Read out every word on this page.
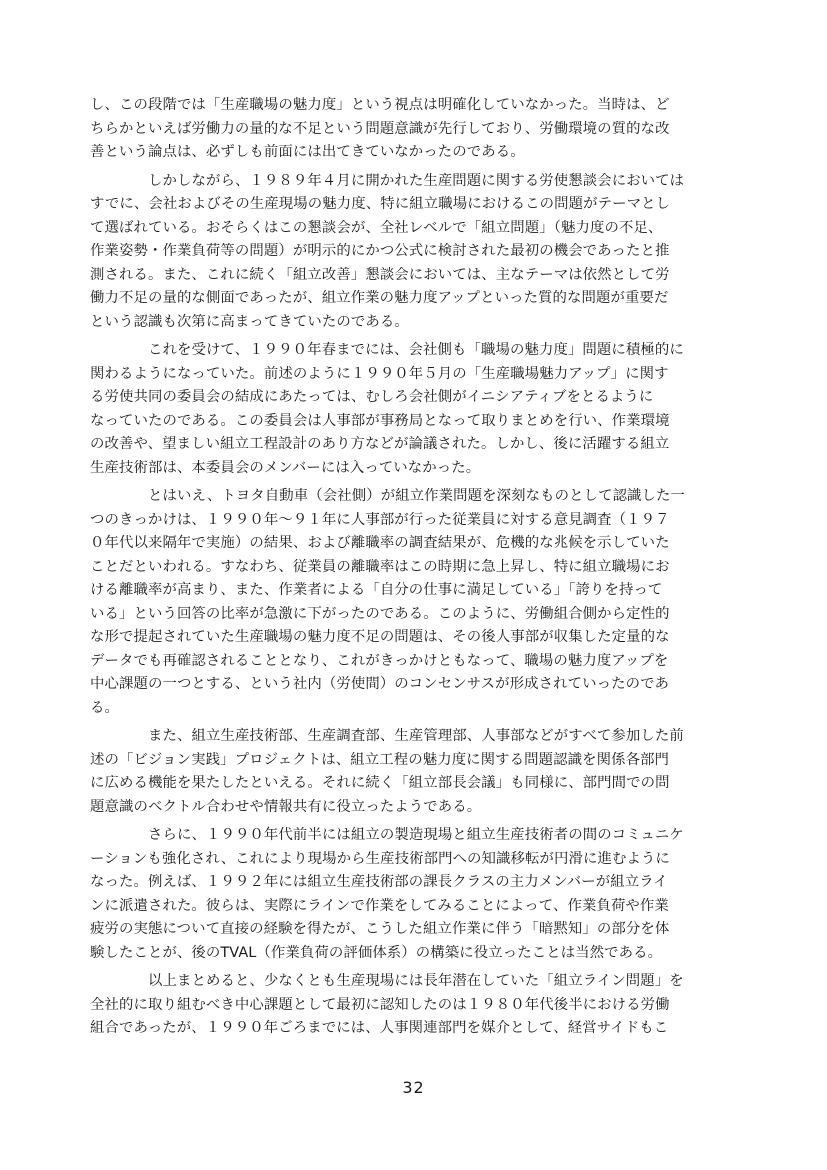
し、この段階では「生産職場の魅力度」という視点は明確化していなかった。当時は、ど
ちらかといえば労働力の量的な不足という問題意識が先行しており、労働環境の質的な改
善という論点は、必ずしも前面には出てきていなかったのである。

しかしながら、１９８９年４月に開かれた生産問題に関する労使懇談会においては
すでに、会社およびその生産現場の魅力度、特に組立職場におけるこの問題がテーマとし
て選ばれている。おそらくはこの懇談会が、全社レベルで「組立問題」（魅力度の不足、
作業姿勢・作業負荷等の問題）が明示的にかつ公式に検討された最初の機会であったと推
測される。また、これに続く「組立改善」懇談会においては、主なテーマは依然として労
働力不足の量的な側面であったが、組立作業の魅力度アップといった質的な問題が重要だ
という認識も次第に高まってきていたのである。

これを受けて、１９９０年春までには、会社側も「職場の魅力度」問題に積極的に
関わるようになっていた。前述のように１９９０年５月の「生産職場魅力アップ」に関す
る労使共同の委員会の結成にあたっては、むしろ会社側がイニシアティブをとるように
なっていたのである。この委員会は人事部が事務局となって取りまとめを行い、作業環境
の改善や、望ましい組立工程設計のあり方などが論議された。しかし、後に活躍する組立
生産技術部は、本委員会のメンバーには入っていなかった。

とはいえ、トヨタ自動車（会社側）が組立作業問題を深刻なものとして認識した一
つのきっかけは、１９９０年～９１年に人事部が行った従業員に対する意見調査（１９７
０年代以来隔年で実施）の結果、および離職率の調査結果が、危機的な兆候を示していた
ことだといわれる。すなわち、従業員の離職率はこの時期に急上昇し、特に組立職場にお
ける離職率が高まり、また、作業者による「自分の仕事に満足している」「誇りを持って
いる」という回答の比率が急激に下がったのである。このように、労働組合側から定性的
な形で提起されていた生産職場の魅力度不足の問題は、その後人事部が収集した定量的な
データでも再確認されることとなり、これがきっかけともなって、職場の魅力度アップを
中心課題の一つとする、という社内（労使間）のコンセンサスが形成されていったのであ
る。

また、組立生産技術部、生産調査部、生産管理部、人事部などがすべて参加した前
述の「ビジョン実践」プロジェクトは、組立工程の魅力度に関する問題認識を関係各部門
に広める機能を果たしたといえる。それに続く「組立部長会議」も同様に、部門間での問
題意識のベクトル合わせや情報共有に役立ったようである。

さらに、１９９０年代前半には組立の製造現場と組立生産技術者の間のコミュニケ
ーションも強化され、これにより現場から生産技術部門への知識移転が円滑に進むように
なった。例えば、１９９２年には組立生産技術部の課長クラスの主力メンバーが組立ライ
ンに派遣された。彼らは、実際にラインで作業をしてみることによって、作業負荷や作業
疲労の実態について直接の経験を得たが、こうした組立作業に伴う「暗黙知」の部分を体
験したことが、後のTVAL（作業負荷の評価体系）の構築に役立ったことは当然である。

以上まとめると、少なくとも生産現場には長年潜在していた「組立ライン問題」を
全社的に取り組むべき中心課題として最初に認知したのは１９８０年代後半における労働
組合であったが、１９９０年ごろまでには、人事関連部門を媒介として、経営サイドもこ

32
